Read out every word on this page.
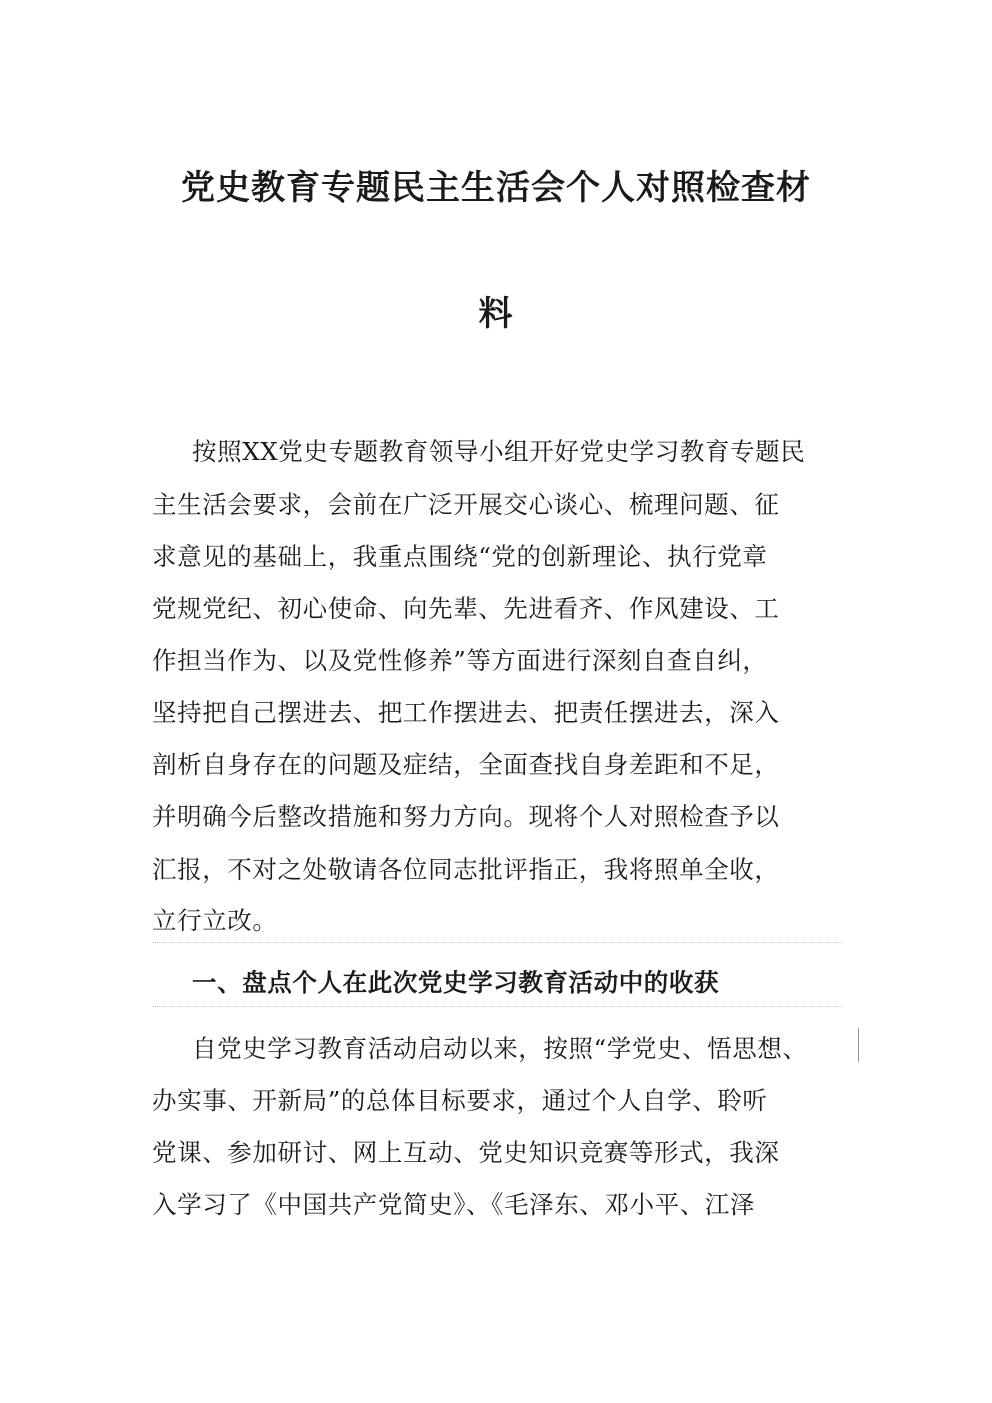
党史教育专题民主生活会个人对照检查材
料
按照XX党史专题教育领导小组开好党史学习教育专题民
主生活会要求，会前在广泛开展交心谈心、梳理问题、征
求意见的基础上，我重点围绕“党的创新理论、执行党章
党规党纪、初心使命、向先辈、先进看齐、作风建设、工
作担当作为、以及党性修养”等方面进行深刻自查自纠，
坚持把自己摆进去、把工作摆进去、把责任摆进去，深入
剖析自身存在的问题及症结，全面查找自身差距和不足，
并明确今后整改措施和努力方向。现将个人对照检查予以
汇报，不对之处敬请各位同志批评指正，我将照单全收，
立行立改。
一、盘点个人在此次党史学习教育活动中的收获
自党史学习教育活动启动以来，按照“学党史、悟思想、
办实事、开新局”的总体目标要求，通过个人自学、聆听
党课、参加研讨、网上互动、党史知识竞赛等形式，我深
入学习了《中国共产党简史》、《毛泽东、邓小平、江泽
